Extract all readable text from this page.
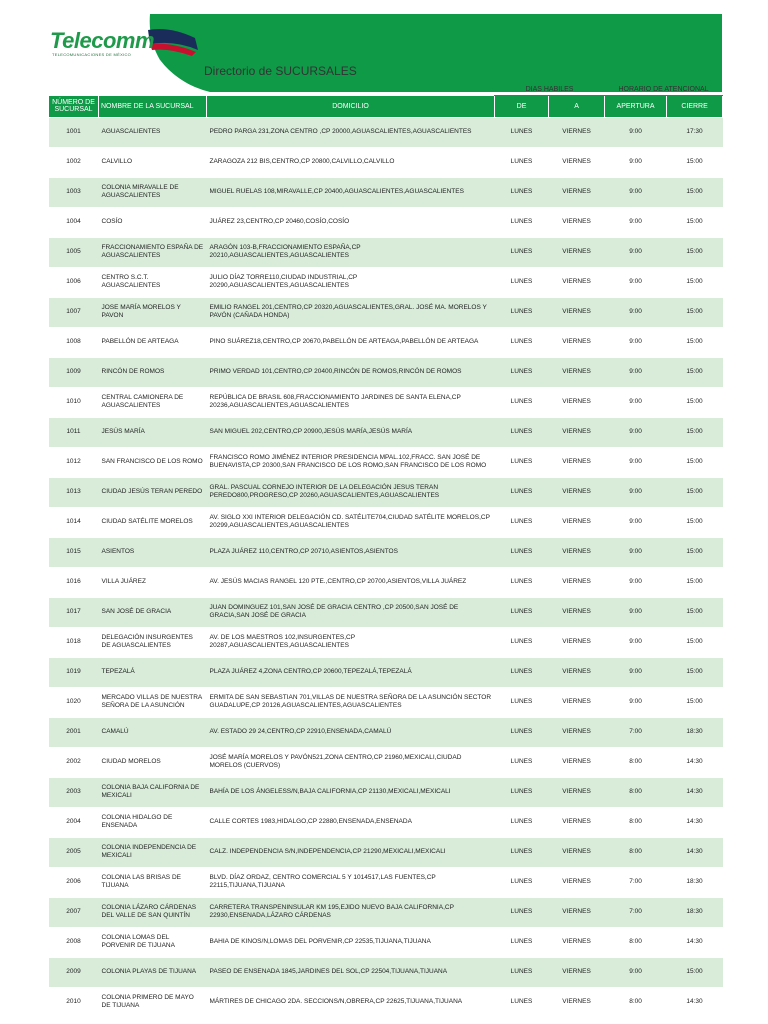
Telecomm
TELECOMUNICACIONES DE MÉXICO
Directorio de SUCURSALES
			DIAS HABILES		HORARIO DE ATENCIONAL	
NÚMERO DE SUCURSAL	NOMBRE DE LA SUCURSAL	DOMICILIO	DE	A	APERTURA	CIERRE
1001	AGUASCALIENTES	PEDRO PARGA 231,ZONA CENTRO ,CP 20000,AGUASCALIENTES,AGUASCALIENTES	LUNES	VIERNES	9:00	17:30
1002	CALVILLO	ZARAGOZA 212 BIS,CENTRO,CP 20800,CALVILLO,CALVILLO	LUNES	VIERNES	9:00	15:00
1003	COLONIA MIRAVALLE DE AGUASCALIENTES	MIGUEL RUELAS 108,MIRAVALLE,CP 20400,AGUASCALIENTES,AGUASCALIENTES	LUNES	VIERNES	9:00	15:00
1004	COSÍO	JUÁREZ 23,CENTRO,CP 20460,COSÍO,COSÍO	LUNES	VIERNES	9:00	15:00
1005	FRACCIONAMIENTO ESPAÑA DE AGUASCALIENTES	ARAGÓN 103-B,FRACCIONAMIENTO ESPAÑA,CP 20210,AGUASCALIENTES,AGUASCALIENTES	LUNES	VIERNES	9:00	15:00
1006	CENTRO S.C.T. AGUASCALIENTES	JULIO DÍAZ TORRE110,CIUDAD INDUSTRIAL,CP 20290,AGUASCALIENTES,AGUASCALIENTES	LUNES	VIERNES	9:00	15:00
1007	JOSE MARÍA MORELOS Y PAVON	EMILIO RANGEL 201,CENTRO,CP 20320,AGUASCALIENTES,GRAL. JOSÉ MA. MORELOS Y PAVÓN (CAÑADA HONDA)	LUNES	VIERNES	9:00	15:00
1008	PABELLÓN DE ARTEAGA	PINO SUÁREZ18,CENTRO,CP 20670,PABELLÓN DE ARTEAGA,PABELLÓN DE ARTEAGA	LUNES	VIERNES	9:00	15:00
1009	RINCÓN DE ROMOS	PRIMO VERDAD 101,CENTRO,CP 20400,RINCÓN DE ROMOS,RINCÓN DE ROMOS	LUNES	VIERNES	9:00	15:00
1010	CENTRAL CAMIONERA DE AGUASCALIENTES	REPÚBLICA DE BRASIL 608,FRACCIONAMIENTO JARDINES DE SANTA ELENA,CP 20236,AGUASCALIENTES,AGUASCALIENTES	LUNES	VIERNES	9:00	15:00
1011	JESÚS MARÍA	SAN MIGUEL 202,CENTRO,CP 20900,JESÚS MARÍA,JESÚS MARÍA	LUNES	VIERNES	9:00	15:00
1012	SAN FRANCISCO DE LOS ROMO	FRANCISCO ROMO JIMÉNEZ INTERIOR PRESIDENCIA MPAL.102,FRACC. SAN JOSÉ DE BUENAVISTA,CP 20300,SAN FRANCISCO DE LOS ROMO,SAN FRANCISCO DE LOS ROMO	LUNES	VIERNES	9:00	15:00
1013	CIUDAD JESÚS TERAN PEREDO	GRAL. PASCUAL CORNEJO INTERIOR DE LA DELEGACIÓN JESUS TERAN PEREDO800,PROGRESO,CP 20260,AGUASCALIENTES,AGUASCALIENTES	LUNES	VIERNES	9:00	15:00
1014	CIUDAD SATÉLITE MORELOS	AV. SIGLO XXI INTERIOR DELEGACIÓN CD. SATÉLITE704,CIUDAD SATÉLITE MORELOS,CP 20299,AGUASCALIENTES,AGUASCALIENTES	LUNES	VIERNES	9:00	15:00
1015	ASIENTOS	PLAZA JUÁREZ 110,CENTRO,CP 20710,ASIENTOS,ASIENTOS	LUNES	VIERNES	9:00	15:00
1016	VILLA JUÁREZ	AV. JESÚS MACIAS RANGEL 120 PTE.,CENTRO,CP 20700,ASIENTOS,VILLA JUÁREZ	LUNES	VIERNES	9:00	15:00
1017	SAN JOSÉ DE GRACIA	JUAN DOMINGUEZ 101,SAN JOSÉ DE GRACIA CENTRO ,CP 20500,SAN JOSÉ DE GRACIA,SAN JOSÉ DE GRACIA	LUNES	VIERNES	9:00	15:00
1018	DELEGACIÓN INSURGENTES DE AGUASCALIENTES	AV. DE LOS MAESTROS 102,INSURGENTES,CP 20287,AGUASCALIENTES,AGUASCALIENTES	LUNES	VIERNES	9:00	15:00
1019	TEPEZALÁ	PLAZA JUÁREZ 4,ZONA CENTRO,CP 20600,TEPEZALÁ,TEPEZALÁ	LUNES	VIERNES	9:00	15:00
1020	MERCADO VILLAS DE NUESTRA SEÑORA DE LA ASUNCIÓN	ERMITA DE SAN SEBASTIAN 701,VILLAS DE NUESTRA SEÑORA DE LA ASUNCIÓN SECTOR GUADALUPE,CP 20126,AGUASCALIENTES,AGUASCALIENTES	LUNES	VIERNES	9:00	15:00
2001	CAMALÚ	AV. ESTADO 29 24,CENTRO,CP 22910,ENSENADA,CAMALÚ	LUNES	VIERNES	7:00	18:30
2002	CIUDAD MORELOS	JOSÉ MARÍA MORELOS Y PAVÓN521,ZONA CENTRO,CP 21960,MEXICALI,CIUDAD MORELOS (CUERVOS)	LUNES	VIERNES	8:00	14:30
2003	COLONIA BAJA CALIFORNIA DE MEXICALI	BAHÍA DE LOS ÁNGELESS/N,BAJA CALIFORNIA,CP 21130,MEXICALI,MEXICALI	LUNES	VIERNES	8:00	14:30
2004	COLONIA HIDALGO DE ENSENADA	CALLE CORTES 1983,HIDALGO,CP 22880,ENSENADA,ENSENADA	LUNES	VIERNES	8:00	14:30
2005	COLONIA INDEPENDENCIA DE MEXICALI	CALZ. INDEPENDENCIA S/N,INDEPENDENCIA,CP 21290,MEXICALI,MEXICALI	LUNES	VIERNES	8:00	14:30
2006	COLONIA LAS BRISAS DE TIJUANA	BLVD. DÍAZ ORDAZ, CENTRO COMERCIAL 5 Y 1014517,LAS FUENTES,CP 22115,TIJUANA,TIJUANA	LUNES	VIERNES	7:00	18:30
2007	COLONIA LÁZARO CÁRDENAS DEL VALLE DE SAN QUINTÍN	CARRETERA TRANSPENINSULAR KM 195,EJIDO NUEVO BAJA CALIFORNIA,CP 22930,ENSENADA,LÁZARO CÁRDENAS	LUNES	VIERNES	7:00	18:30
2008	COLONIA LOMAS DEL PORVENIR DE TIJUANA	BAHIA DE KINOS/N,LOMAS DEL PORVENIR,CP 22535,TIJUANA,TIJUANA	LUNES	VIERNES	8:00	14:30
2009	COLONIA PLAYAS DE TIJUANA	PASEO DE ENSENADA 1845,JARDINES DEL SOL,CP 22504,TIJUANA,TIJUANA	LUNES	VIERNES	9:00	15:00
2010	COLONIA PRIMERO DE MAYO DE TIJUANA	MÁRTIRES DE CHICAGO 2DA. SECCIONS/N,OBRERA,CP 22625,TIJUANA,TIJUANA	LUNES	VIERNES	8:00	14:30
